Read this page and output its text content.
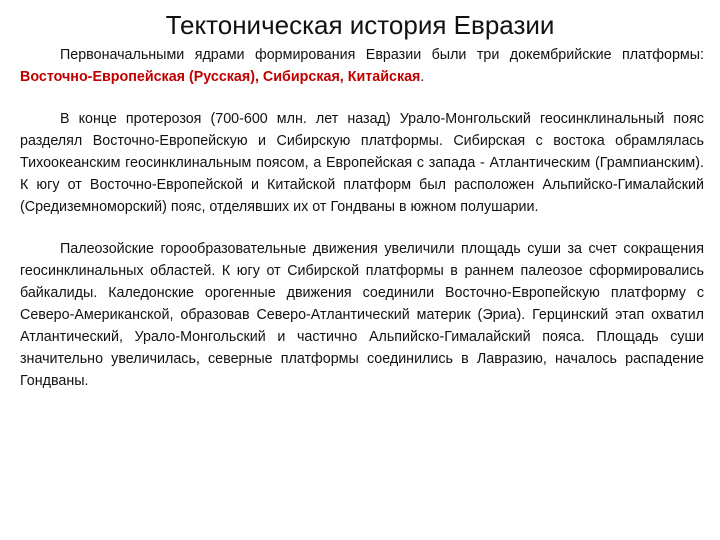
Тектоническая история Евразии

Первоначальными ядрами формирования Евразии были три докембрийские платформы: Восточно-Европейская (Русская), Сибирская, Китайская.

В конце протерозоя (700-600 млн. лет назад) Урало-Монгольский геосинклинальный пояс разделял Восточно-Европейскую и Сибирскую платформы. Сибирская с востока обрамлялась Тихоокеанским геосинклинальным поясом, а Европейская с запада - Атлантическим (Грампианским). К югу от Восточно-Европейской и Китайской платформ был расположен Альпийско-Гималайский (Средиземноморский) пояс, отделявших их от Гондваны в южном полушарии.

Палеозойские горообразовательные движения увеличили площадь суши за счет сокращения геосинклинальных областей. К югу от Сибирской платформы в раннем палеозое сформировались байкалиды. Каледонские орогенные движения соединили Восточно-Европейскую платформу с Северо-Американской, образовав Северо-Атлантический материк (Эриа). Герцинский этап охватил Атлантический, Урало-Монгольский и частично Альпийско-Гималайский пояса. Площадь суши значительно увеличилась, северные платформы соединились в Лавразию, началось распадение Гондваны.
